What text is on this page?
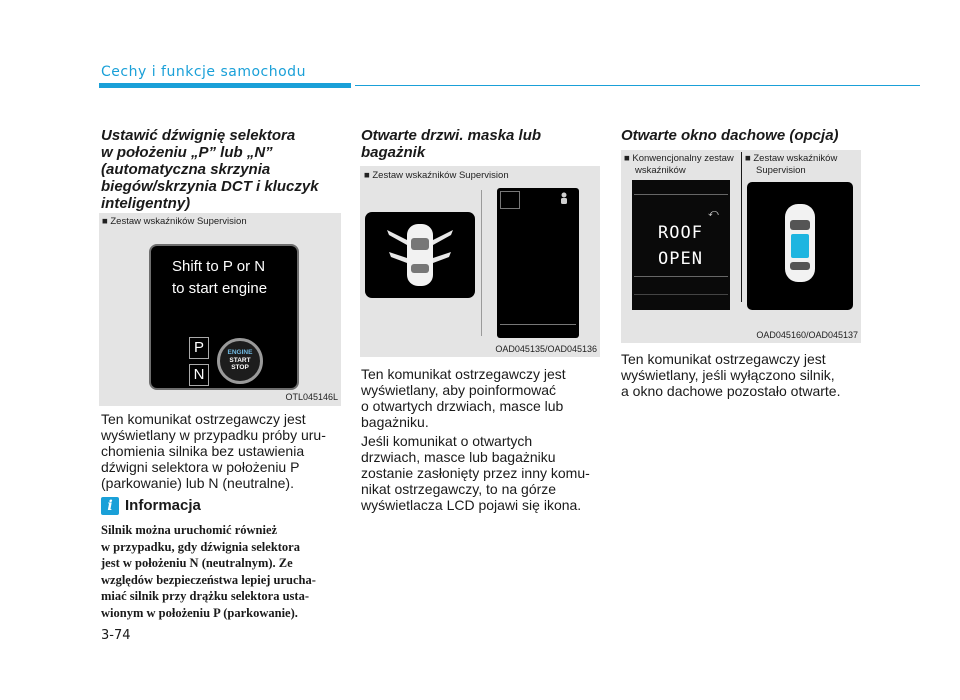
Cechy i funkcje samochodu
Ustawić dźwignię selektora
w położeniu „P” lub „N”
(automatyczna skrzynia
biegów/skrzynia DCT i kluczyk
inteligentny)
■ Zestaw wskaźników Supervision
Shift to P or N
to start engine
P
N
ENGINE
START
STOP
OTL045146L
Ten komunikat ostrzegawczy jest
wyświetlany w przypadku próby uru-
chomienia silnika bez ustawienia
dźwigni selektora w położeniu P
(parkowanie) lub N (neutralne).
i Informacja
Silnik można uruchomić również
w przypadku, gdy dźwignia selektora
jest w położeniu N (neutralnym). Ze
względów bezpieczeństwa lepiej urucha-
miać silnik przy drążku selektora usta-
wionym w położeniu P (parkowanie).
3-74
Otwarte drzwi. maska lub
bagażnik
■ Zestaw wskaźników Supervision
OAD045135/OAD045136
Ten komunikat ostrzegawczy jest
wyświetlany, aby poinformować
o otwartych drzwiach, masce lub
bagażniku.
Jeśli komunikat o otwartych
drzwiach, masce lub bagażniku
zostanie zasłonięty przez inny komu-
nikat ostrzegawczy, to na górze
wyświetlacza LCD pojawi się ikona.
Otwarte okno dachowe (opcja)
■ Konwencjonalny zestaw
wskaźników
■ Zestaw wskaźników
Supervision
⤺
ROOF
OPEN
OAD045160/OAD045137
Ten komunikat ostrzegawczy jest
wyświetlany, jeśli wyłączono silnik,
a okno dachowe pozostało otwarte.
